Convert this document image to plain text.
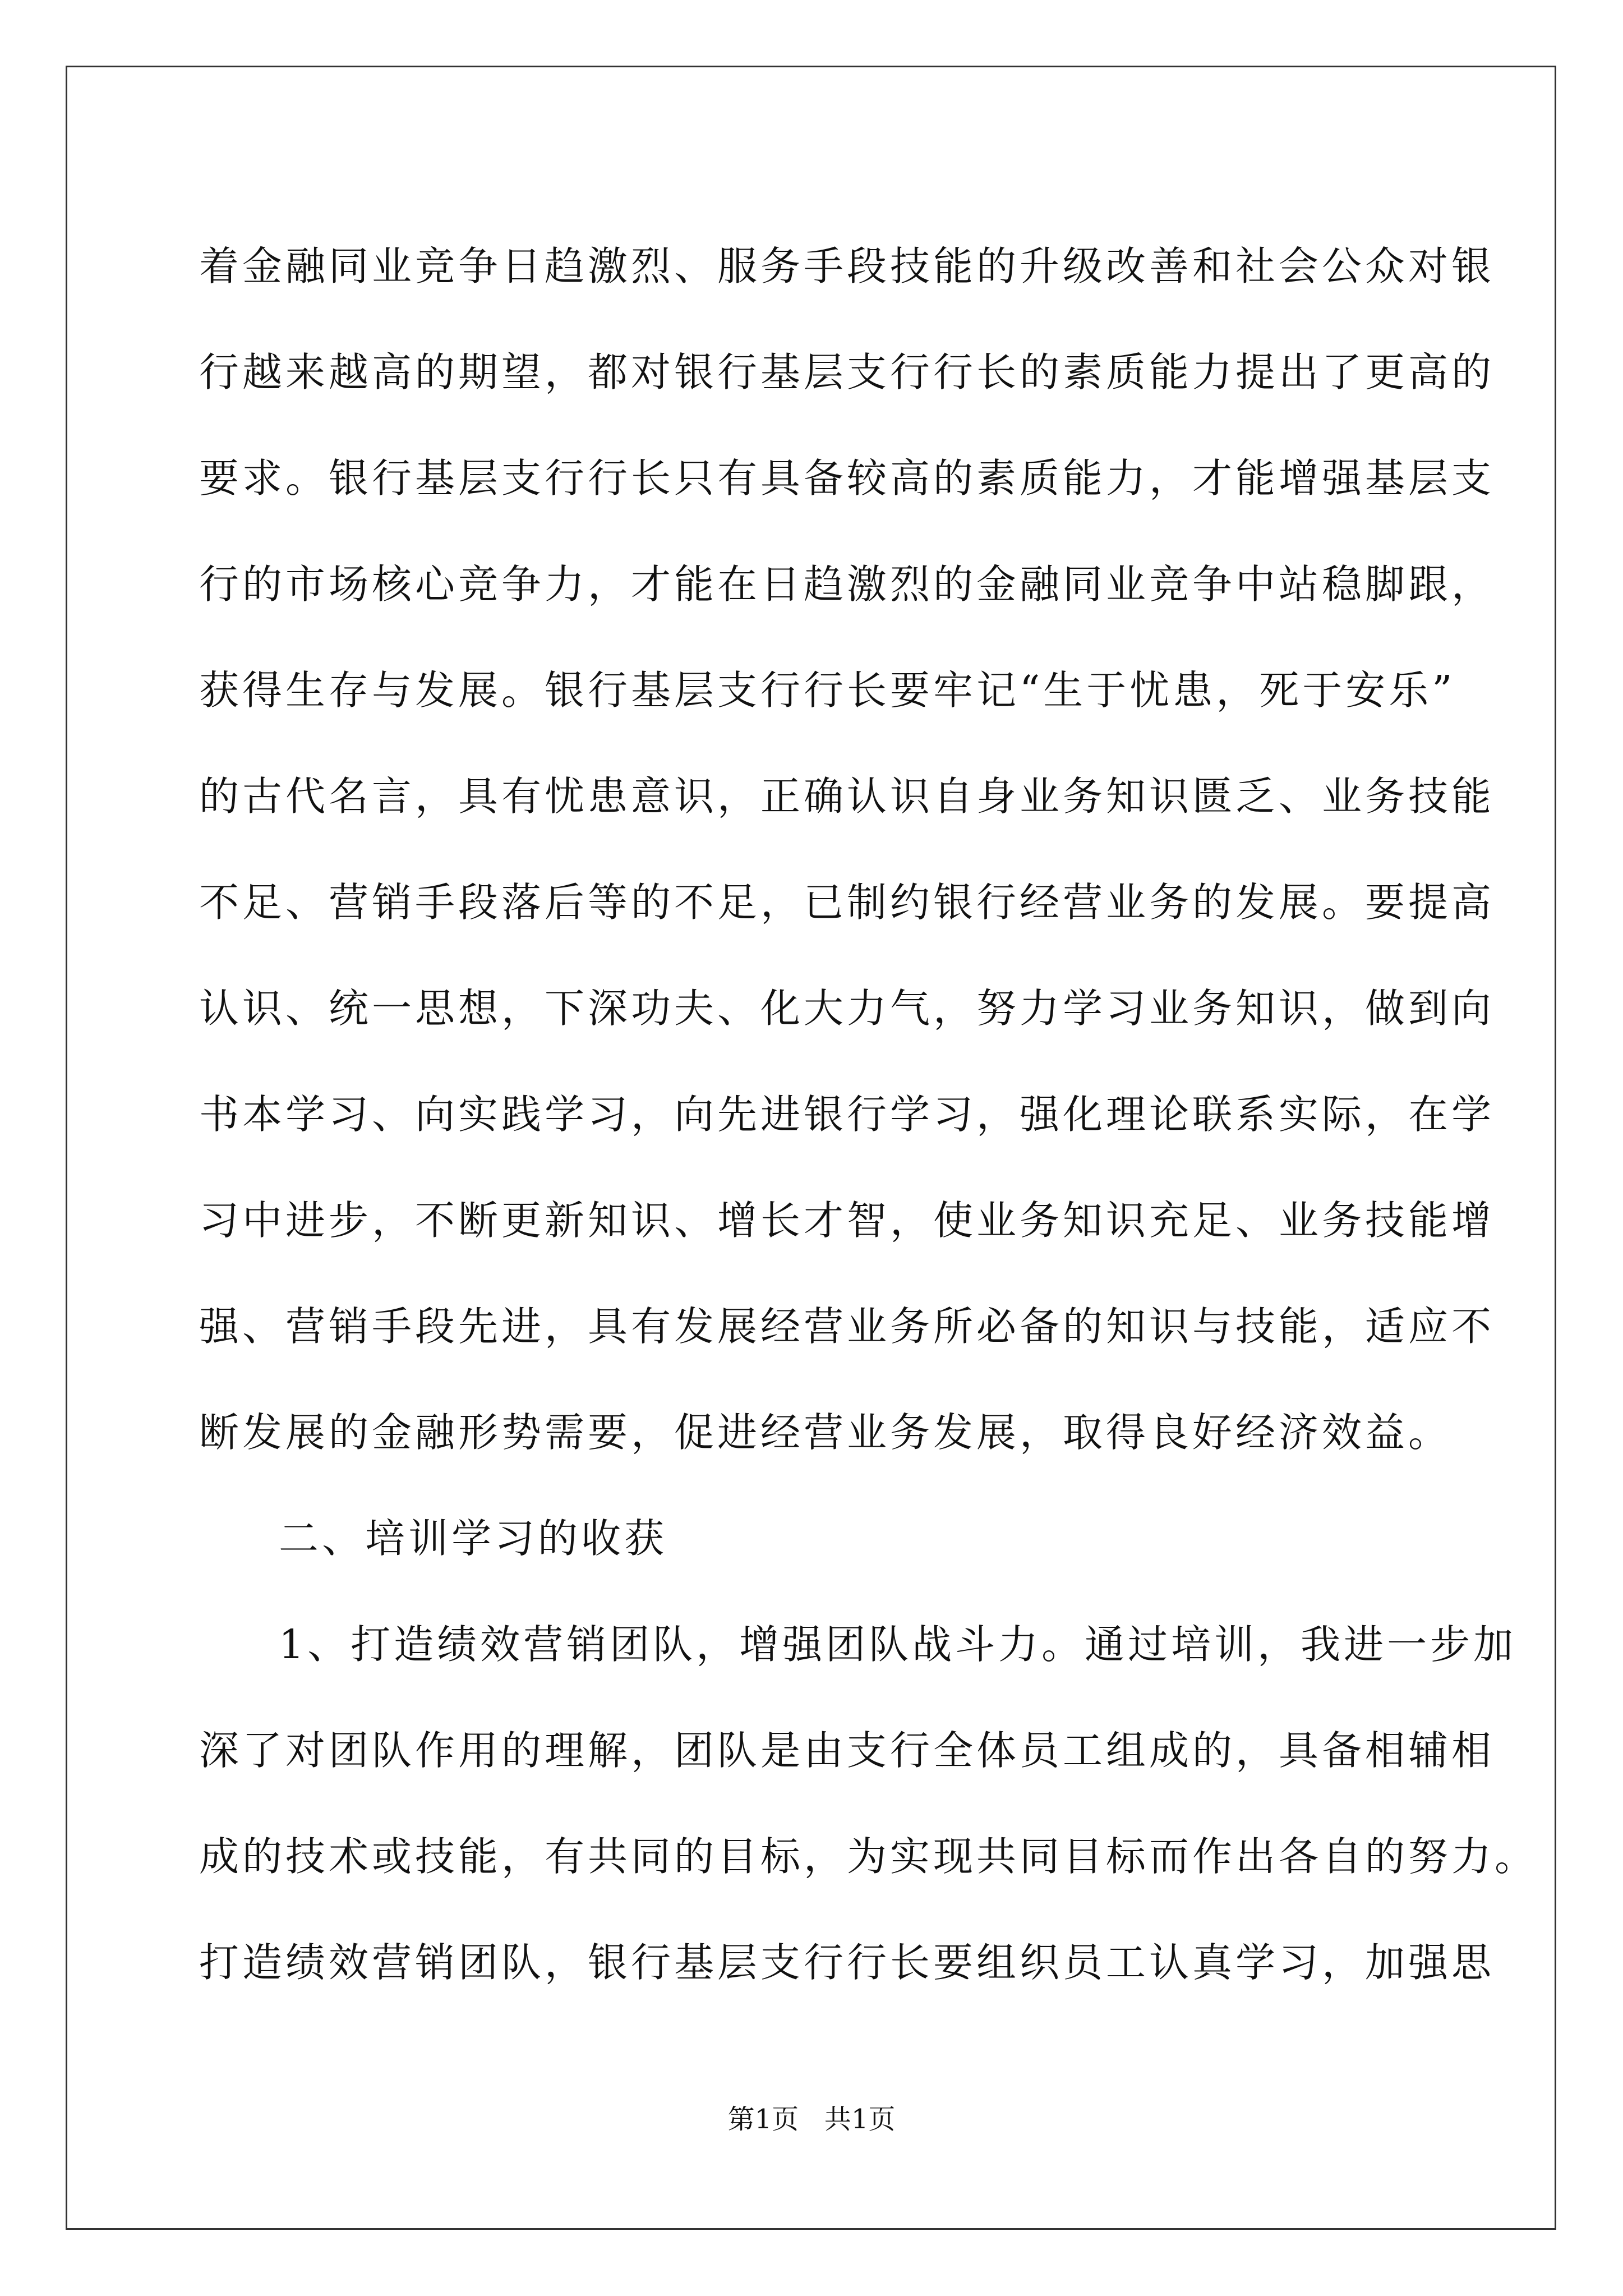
着金融同业竞争日趋激烈、服务手段技能的升级改善和社会公众对银
行越来越高的期望，都对银行基层支行行长的素质能力提出了更高的
要求。银行基层支行行长只有具备较高的素质能力，才能增强基层支
行的市场核心竞争力，才能在日趋激烈的金融同业竞争中站稳脚跟，
获得生存与发展。银行基层支行行长要牢记“生于忧患，死于安乐”
的古代名言，具有忧患意识，正确认识自身业务知识匮乏、业务技能
不足、营销手段落后等的不足，已制约银行经营业务的发展。要提高
认识、统一思想，下深功夫、化大力气，努力学习业务知识，做到向
书本学习、向实践学习，向先进银行学习，强化理论联系实际，在学
习中进步，不断更新知识、增长才智，使业务知识充足、业务技能增
强、营销手段先进，具有发展经营业务所必备的知识与技能，适应不
断发展的金融形势需要，促进经营业务发展，取得良好经济效益。
二、培训学习的收获
1、打造绩效营销团队，增强团队战斗力。通过培训，我进一步加
深了对团队作用的理解，团队是由支行全体员工组成的，具备相辅相
成的技术或技能，有共同的目标，为实现共同目标而作出各自的努力。
打造绩效营销团队，银行基层支行行长要组织员工认真学习，加强思
第1页   共1页
